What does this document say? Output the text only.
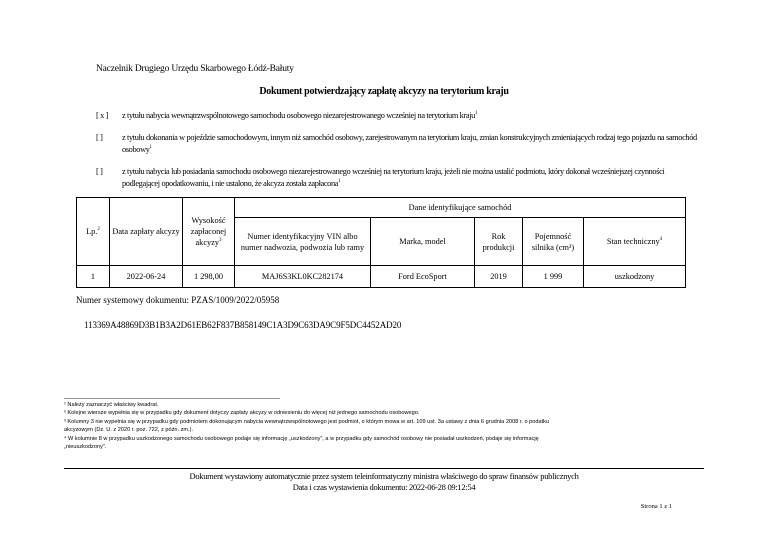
Naczelnik Drugiego Urzędu Skarbowego Łódź-Bałuty
Dokument potwierdzający zapłatę akcyzy na terytorium kraju
[ x ]	z tytułu nabycia wewnątrzwspólnotowego samochodu osobowego niezarejestrowanego wcześniej na terytorium kraju$^1$
[ ]	z tytułu dokonania w pojeździe samochodowym, innym niż samochód osobowy, zarejestrowanym na terytorium kraju, zmian konstrukcyjnych zmieniających rodzaj tego pojazdu na samochód osobowy$^1$
[ ]	z tytułu nabycia lub posiadania samochodu osobowego niezarejestrowanego wcześniej na terytorium kraju, jeżeli nie można ustalić podmiotu, który dokonał wcześniejszej czynności podlegającej opodatkowaniu, i nie ustalono, że akcyza została zapłacona$^1$
Lp.$^2$	Data zapłaty akcyzy	Wysokość zapłaconej akcyzy$^3$	Dane identyfikujące samochód				
			Numer identyfikacyjny VIN albo numer nadwozia, podwozia lub ramy	Marka, model	Rok produkcji	Pojemność silnika (cm³)	Stan techniczny$^4$
1	2022-06-24	1 298,00	MAJ6S3KL0KC282174	Ford EcoSport	2019	1 999	uszkodzony
Numer systemowy dokumentu: PZAS/1009/2022/05958
113369A48869D3B1B3A2D61EB62F837B858149C1A3D9C63DA9C9F5DC4452AD20
¹ Należy zaznaczyć właściwy kwadrat.
² Kolejne wiersze wypełnia się w przypadku gdy dokument dotyczy zapłaty akcyzy w odniesieniu do więcej niż jednego samochodu osobowego.
³ Kolumny 3 nie wypełnia się w przypadku gdy podmiotem dokonującym nabycia wewnątrzwspólnotowego jest podmiot, o którym mowa w art. 109 ust. 3a ustawy z dnia 6 grudnia 2008 r. o podatku
akcyzowym (Dz. U. z 2020 r. poz. 722, z późn. zm.).
⁴ W kolumnie 8 w przypadku uszkodzonego samochodu osobowego podaje się informację „uszkodzony”, a w przypadku gdy samochód osobowy nie posiadał uszkodzeń, podaje się informację
„nieuszkodzony”.
Dokument wystawiony automatycznie przez system teleinformatyczny ministra właściwego do spraw finansów publicznych
Data i czas wystawienia dokumentu: 2022-06-28 09:12:54
Strona 1 z 1
